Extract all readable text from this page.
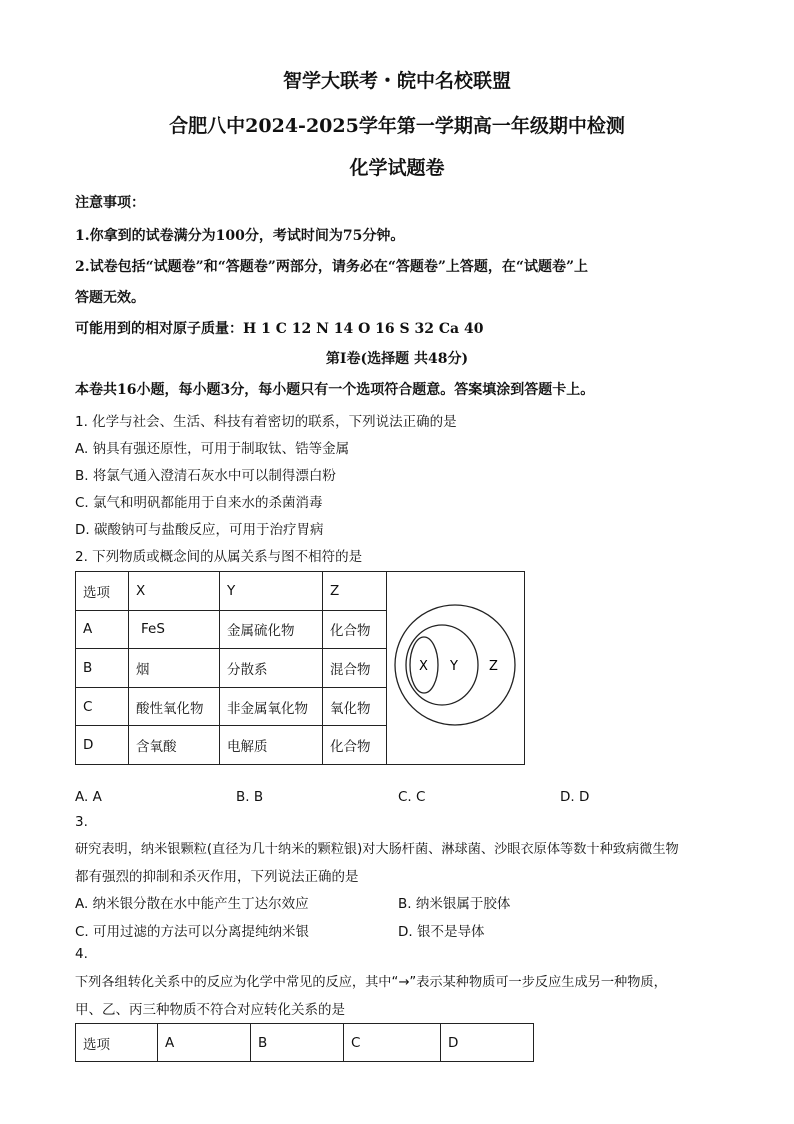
智学大联考・皖中名校联盟
合肥八中2024-2025学年第一学期高一年级期中检测
化学试题卷
注意事项：
1.你拿到的试卷满分为100分，考试时间为75分钟。
2.试卷包括“试题卷”和“答题卷”两部分，请务必在“答题卷”上答题，在“试题卷”上
答题无效。
可能用到的相对原子质量：H 1 C 12 N 14 O 16 S 32 Ca 40
第Ⅰ卷(选择题 共48分)
本卷共16小题，每小题3分，每小题只有一个选项符合题意。答案填涂到答题卡上。
1. 化学与社会、生活、科技有着密切的联系，下列说法正确的是
A. 钠具有强还原性，可用于制取钛、锆等金属
B. 将氯气通入澄清石灰水中可以制得漂白粉
C. 氯气和明矾都能用于自来水的杀菌消毒
D. 碳酸钠可与盐酸反应，可用于治疗胃病
2. 下列物质或概念间的从属关系与图不相符的是
选项	X	Y	Z	X Y Z

A	FeS	金属硫化物	化合物	
B	烟	分散系	混合物	
C	酸性氧化物	非金属氧化物	氧化物	
D	含氧酸	电解质	化合物	
A. A	B. B	C. C	D. D
3.
研究表明，纳米银颗粒(直径为几十纳米的颗粒银)对大肠杆菌、淋球菌、沙眼衣原体等数十种致病微生物
都有强烈的抑制和杀灭作用，下列说法正确的是
A. 纳米银分散在水中能产生丁达尔效应	B. 纳米银属于胶体
C. 可用过滤的方法可以分离提纯纳米银	D. 银不是导体
4.
下列各组转化关系中的反应为化学中常见的反应，其中“→”表示某种物质可一步反应生成另一种物质，
甲、乙、丙三种物质不符合对应转化关系的是
选项	A	B	C	D
